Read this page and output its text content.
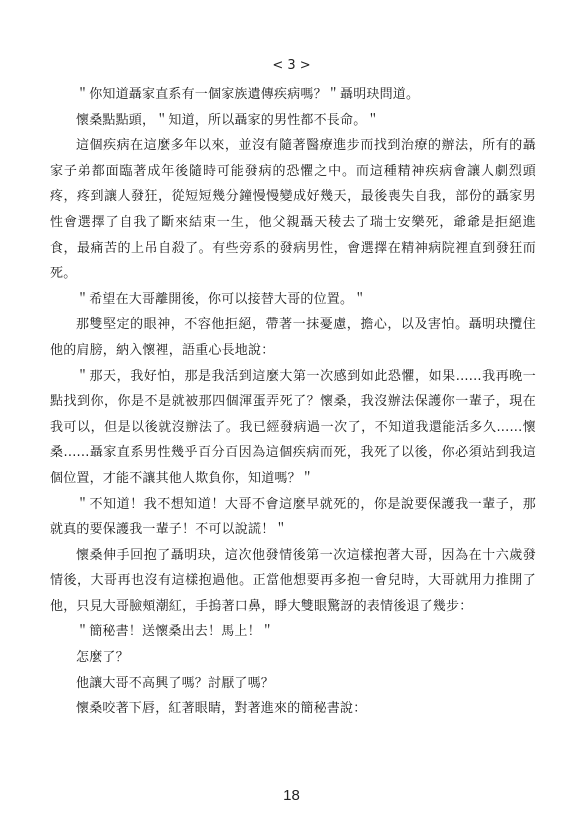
< 3 >

＂你知道聶家直系有一個家族遺傳疾病嗎？＂聶明玦問道。

懷桑點點頭，＂知道，所以聶家的男性都不長命。＂

這個疾病在這麼多年以來，並沒有隨著醫療進步而找到治療的辦法，所有的聶家子弟都面臨著成年後隨時可能發病的恐懼之中。而這種精神疾病會讓人劇烈頭疼，疼到讓人發狂，從短短幾分鐘慢慢變成好幾天，最後喪失自我，部份的聶家男性會選擇了自我了斷來結束一生，他父親聶天稜去了瑞士安樂死，爺爺是拒絕進食，最痛苦的上吊自殺了。有些旁系的發病男性，會選擇在精神病院裡直到發狂而死。

＂希望在大哥離開後，你可以接替大哥的位置。＂

那雙堅定的眼神，不容他拒絕，帶著一抹憂慮，擔心，以及害怕。聶明玦攬住他的肩膀，納入懷裡，語重心長地說：

＂那天，我好怕，那是我活到這麼大第一次感到如此恐懼，如果......我再晚一點找到你，你是不是就被那四個渾蛋弄死了？懷桑，我沒辦法保護你一輩子，現在我可以，但是以後就沒辦法了。我已經發病過一次了，不知道我還能活多久......懷桑......聶家直系男性幾乎百分百因為這個疾病而死，我死了以後，你必須站到我這個位置，才能不讓其他人欺負你，知道嗎？＂

＂不知道！我不想知道！大哥不會這麼早就死的，你是說要保護我一輩子，那就真的要保護我一輩子！不可以說謊！＂

懷桑伸手回抱了聶明玦，這次他發情後第一次這樣抱著大哥，因為在十六歲發情後，大哥再也沒有這樣抱過他。正當他想要再多抱一會兒時，大哥就用力推開了他，只見大哥臉頰潮紅，手摀著口鼻，睜大雙眼驚訝的表情後退了幾步：

＂簡秘書！送懷桑出去！馬上！＂

怎麼了？

他讓大哥不高興了嗎？討厭了嗎？

懷桑咬著下唇，紅著眼睛，對著進來的簡秘書說：

18
